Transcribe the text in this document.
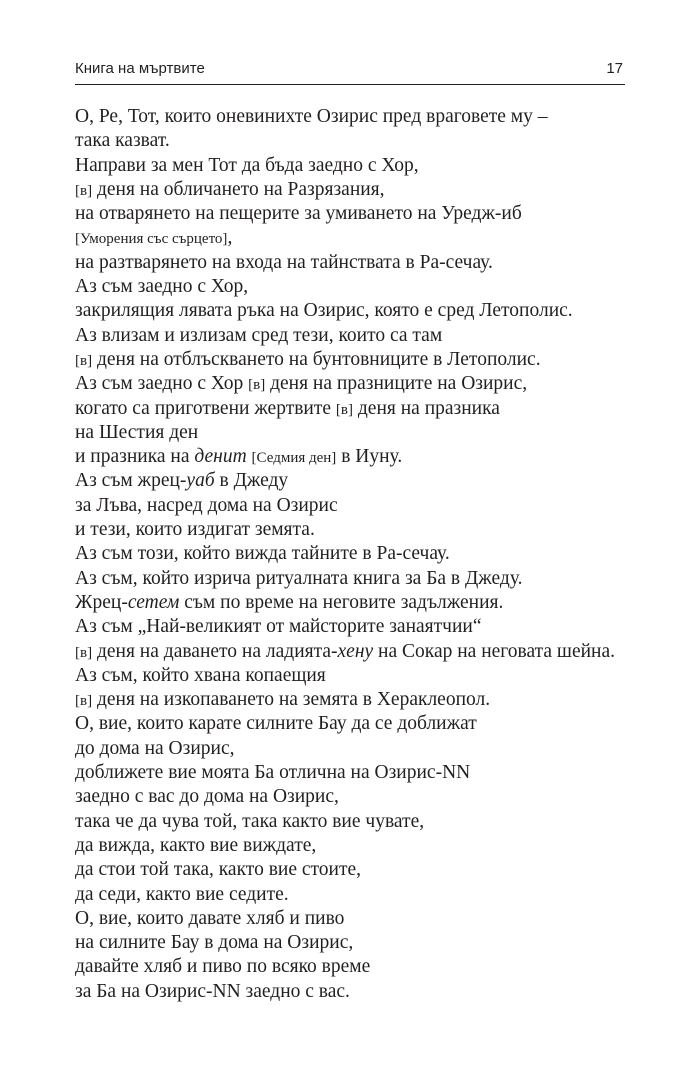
Книга на мъртвите	17
О, Ре, Тот, които оневинихте Озирис пред враговете му –
така казват.
Направи за мен Тот да бъда заедно с Хор,
[в] деня на обличането на Разрязания,
на отварянето на пещерите за умиването на Уредж-иб
[Уморения със сърцето],
на разтварянето на входа на тайнствата в Ра-сечау.
Аз съм заедно с Хор,
закрилящия лявата ръка на Озирис, която е сред Летополис.
Аз влизам и излизам сред тези, които са там
[в] деня на отблъскването на бунтовниците в Летополис.
Аз съм заедно с Хор [в] деня на празниците на Озирис,
когато са приготвени жертвите [в] деня на празника
на Шестия ден
и празника на денит [Седмия ден] в Иуну.
Аз съм жрец-уаб в Джеду
за Лъва, насред дома на Озирис
и тези, които издигат земята.
Аз съм този, който вижда тайните в Ра-сечау.
Аз съм, който изрича ритуалната книга за Ба в Джеду.
Жрец-сетем съм по време на неговите задължения.
Аз съм „Най-великият от майсторите занаятчии“
[в] деня на даването на ладията-хену на Сокар на неговата шейна.
Аз съм, който хвана копаещия
[в] деня на изкопаването на земята в Хераклеопол.
О, вие, които карате силните Бау да се доближат
до дома на Озирис,
доближете вие моята Ба отлична на Озирис-NN
заедно с вас до дома на Озирис,
така че да чува той, така както вие чувате,
да вижда, както вие виждате,
да стои той така, както вие стоите,
да седи, както вие седите.
О, вие, които давате хляб и пиво
на силните Бау в дома на Озирис,
давайте хляб и пиво по всяко време
за Ба на Озирис-NN заедно с вас.
